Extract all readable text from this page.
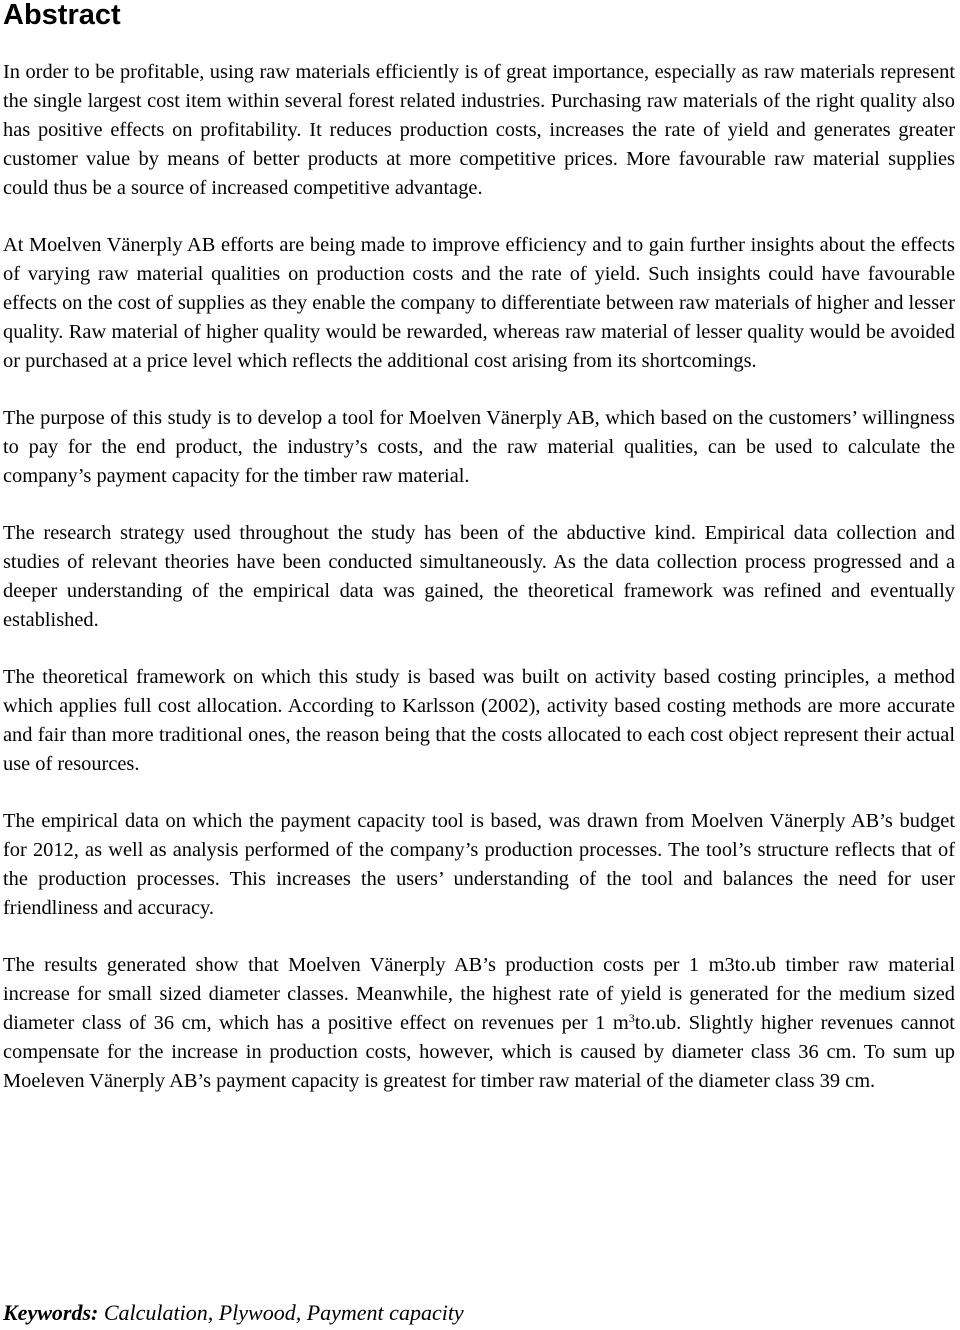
Abstract

In order to be profitable, using raw materials efficiently is of great importance, especially as raw materials represent the single largest cost item within several forest related industries. Purchasing raw materials of the right quality also has positive effects on profitability. It reduces production costs, increases the rate of yield and generates greater customer value by means of better products at more competitive prices. More favourable raw material supplies could thus be a source of increased competitive advantage.

At Moelven Vänerply AB efforts are being made to improve efficiency and to gain further insights about the effects of varying raw material qualities on production costs and the rate of yield. Such insights could have favourable effects on the cost of supplies as they enable the company to differentiate between raw materials of higher and lesser quality. Raw material of higher quality would be rewarded, whereas raw material of lesser quality would be avoided or purchased at a price level which reflects the additional cost arising from its shortcomings.

The purpose of this study is to develop a tool for Moelven Vänerply AB, which based on the customers’ willingness to pay for the end product, the industry’s costs, and the raw material qualities, can be used to calculate the company’s payment capacity for the timber raw material.

The research strategy used throughout the study has been of the abductive kind. Empirical data collection and studies of relevant theories have been conducted simultaneously. As the data collection process progressed and a deeper understanding of the empirical data was gained, the theoretical framework was refined and eventually established.

The theoretical framework on which this study is based was built on activity based costing principles, a method which applies full cost allocation. According to Karlsson (2002), activity based costing methods are more accurate and fair than more traditional ones, the reason being that the costs allocated to each cost object represent their actual use of resources.

The empirical data on which the payment capacity tool is based, was drawn from Moelven Vänerply AB’s budget for 2012, as well as analysis performed of the company’s production processes. The tool’s structure reflects that of the production processes. This increases the users’ understanding of the tool and balances the need for user friendliness and accuracy.

The results generated show that Moelven Vänerply AB’s production costs per 1 m3to.ub timber raw material increase for small sized diameter classes. Meanwhile, the highest rate of yield is generated for the medium sized diameter class of 36 cm, which has a positive effect on revenues per 1 $m^3to.ub$. Slightly higher revenues cannot compensate for the increase in production costs, however, which is caused by diameter class 36 cm. To sum up Moeleven Vänerply AB’s payment capacity is greatest for timber raw material of the diameter class 39 cm.

Keywords: Calculation, Plywood, Payment capacity
